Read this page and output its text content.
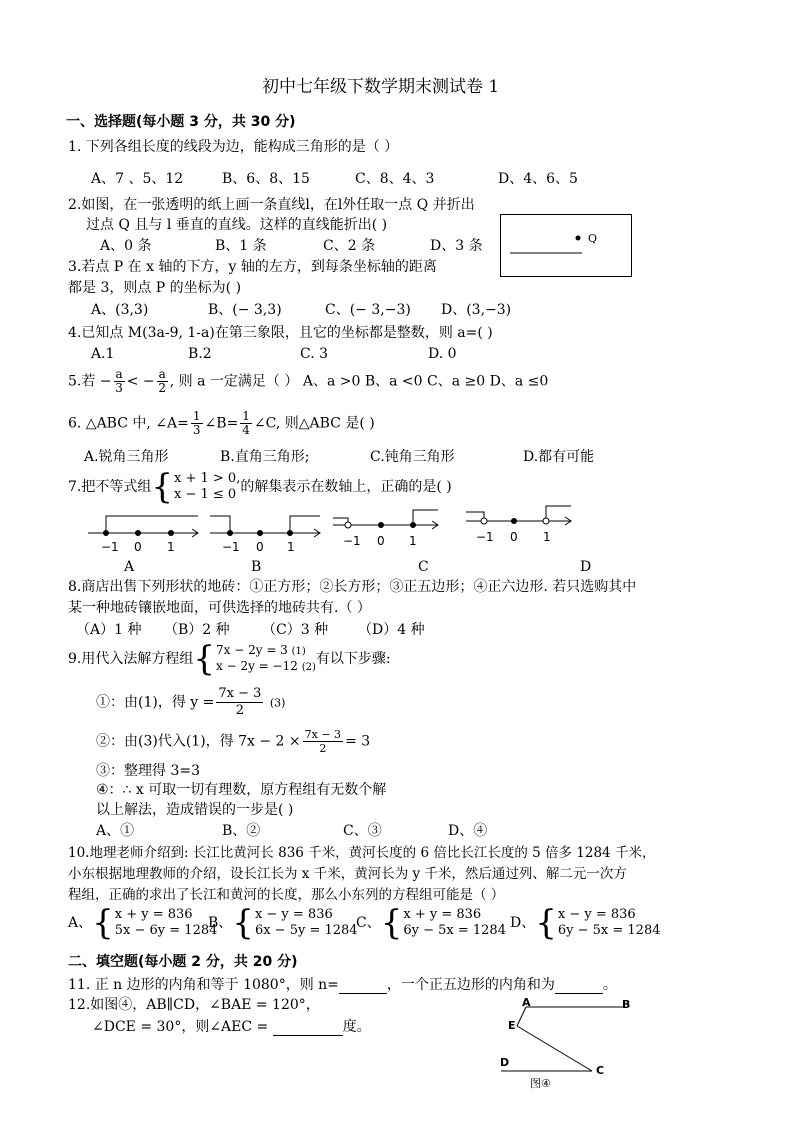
初中七年级下数学期末测试卷 1
一、选择题(每小题 3 分，共 30 分)
1. 下列各组长度的线段为边，能构成三角形的是（ ）
A、7 、5、12	B、6、8、15	C、8、4、3	D、4、6、5
2.如图，在一张透明的纸上画一条直线l，在l外任取一点 Q 并折出
过点 Q 且与 l 垂直的直线。这样的直线能折出( )
A、0 条	B、1 条	C、2 条	D、3 条	Q
3.若点 P 在 x 轴的下方，y 轴的左方，到每条坐标轴的距离
都是 3，则点 P 的坐标为( )
A、(3,3)	B、(− 3,3)	C、(− 3,−3) D、(3,−3)
4.已知点 M(3a-9, 1-a)在第三象限，且它的坐标都是整数，则 a=( )
A.1	B.2	C. 3	D. 0
5.若 − $\frac{a}{3}$ < − $\frac{a}{2}$ , 则 a 一定满足（ ） A、a >0 B、a <0 C、a ≥0 D、a ≤0
6. △ABC 中, ∠A= $\frac{1}{3}$ ∠B= $\frac{1}{4}$ ∠C, 则△ABC 是( )
A.锐角三角形	B.直角三角形;	C.钝角三角形	D.都有可能
7.把不等式组 { x + 1 > 0,
x − 1 ≤ 0 的解集表示在数轴上，正确的是( )
−1 0 1	−1 0 1	−1 0 1	−1 0 1
A	B	C	D
8.商店出售下列形状的地砖：①正方形；②长方形；③正五边形；④正六边形. 若只选购其中
某一种地砖镶嵌地面，可供选择的地砖共有.（ ）
（A）1 种 （B）2 种 （C）3 种 （D）4 种
9.用代入法解方程组 { 7x − 2y = 3 (1)
x − 2y = −12 (2)
有以下步骤:
①：由(1)，得 $y = \frac{7x - 3}{2} (3)$
②：由(3)代入(1)，得 $7x - 2 \times \frac{7x - 3}{2} = 3$
③：整理得 3=3
④：∴ x 可取一切有理数，原方程组有无数个解
以上解法，造成错误的一步是( )
A、①	B、②	C、③	D、④
10.地理老师介绍到: 长江比黄河长 836 千米，黄河长度的 6 倍比长江长度的 5 倍多 1284 千米，
小东根据地理教师的介绍，设长江长为 x 千米，黄河长为 y 千米，然后通过列、解二元一次方
程组，正确的求出了长江和黄河的长度，那么小东列的方程组可能是（ ）
A、 { x + y = 836
5x − 6y = 1284
B、 { x − y = 836
6x − 5y = 1284
C、 { x + y = 836
6y − 5x = 1284 D、 { x − y = 836
6y − 5x = 1284
二、填空题(每小题 2 分，共 20 分)
11. 正 n 边形的内角和等于 1080°，则 n=	，一个正五边形的内角和为	。
12.如图④，AB∥CD，∠BAE = 120°，
∠DCE = 30°，则∠AEC =	度。
A	B
E
D
C
图④
